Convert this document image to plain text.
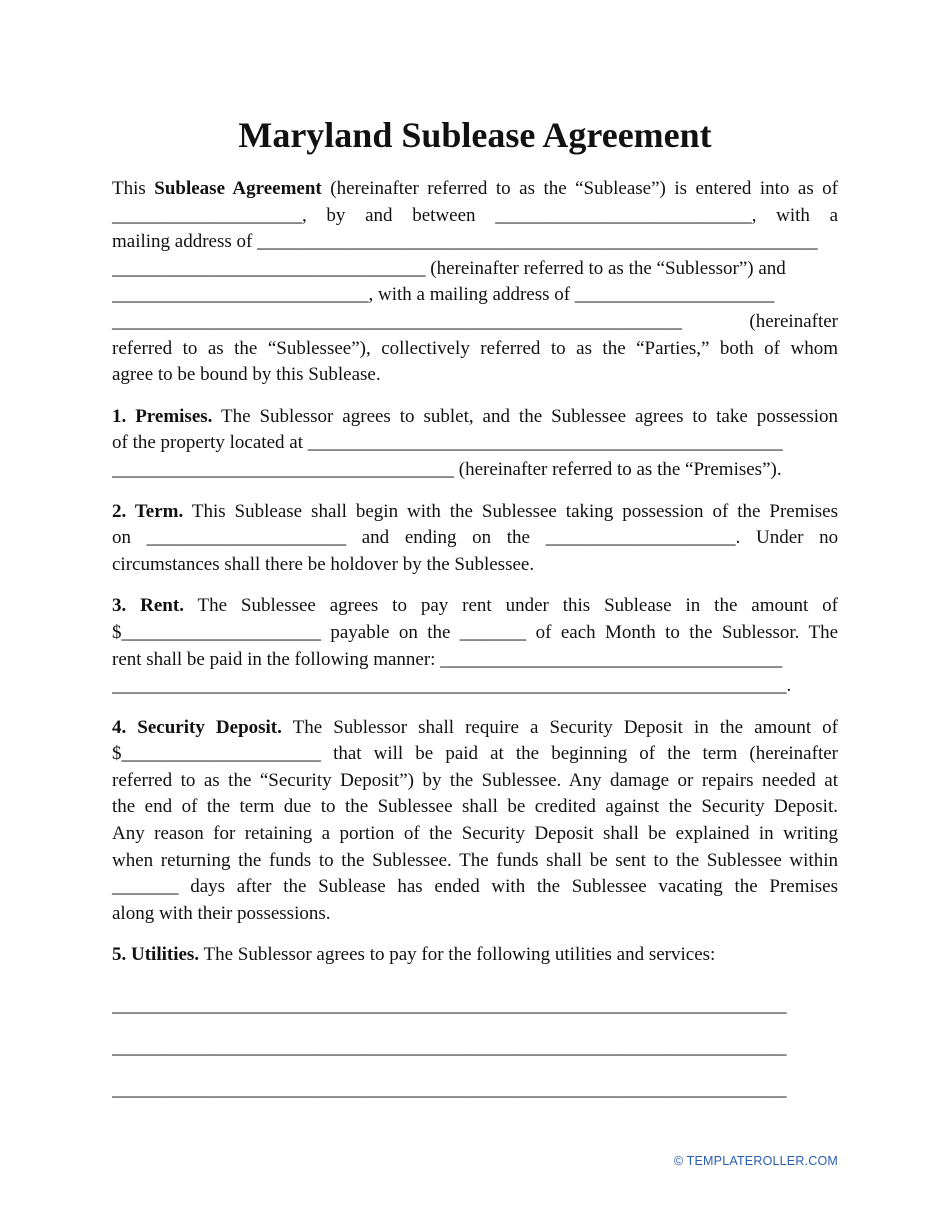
Maryland Sublease Agreement
This Sublease Agreement (hereinafter referred to as the “Sublease”) is entered into as of
____________________, by and between ___________________________, with a
mailing address of ___________________________________________________________
_________________________________ (hereinafter referred to as the “Sublessor”) and
___________________________, with a mailing address of _____________________
____________________________________________________________	(hereinafter
referred to as the “Sublessee”), collectively referred to as the “Parties,” both of whom
agree to be bound by this Sublease.
1. Premises. The Sublessor agrees to sublet, and the Sublessee agrees to take possession
of the property located at __________________________________________________
____________________________________ (hereinafter referred to as the “Premises”).
2. Term. This Sublease shall begin with the Sublessee taking possession of the Premises
on _____________________ and ending on the ____________________. Under no
circumstances shall there be holdover by the Sublessee.
3. Rent. The Sublessee agrees to pay rent under this Sublease in the amount of
$_____________________ payable on the _______ of each Month to the Sublessor. The
rent shall be paid in the following manner: ____________________________________
_______________________________________________________________________.
4. Security Deposit. The Sublessor shall require a Security Deposit in the amount of
$_____________________ that will be paid at the beginning of the term (hereinafter
referred to as the “Security Deposit”) by the Sublessee. Any damage or repairs needed at
the end of the term due to the Sublessee shall be credited against the Security Deposit.
Any reason for retaining a portion of the Security Deposit shall be explained in writing
when returning the funds to the Sublessee. The funds shall be sent to the Sublessee within
_______ days after the Sublease has ended with the Sublessee vacating the Premises
along with their possessions.
5. Utilities. The Sublessor agrees to pay for the following utilities and services:
_______________________________________________________________________
_______________________________________________________________________
_______________________________________________________________________
© TEMPLATEROLLER.COM
